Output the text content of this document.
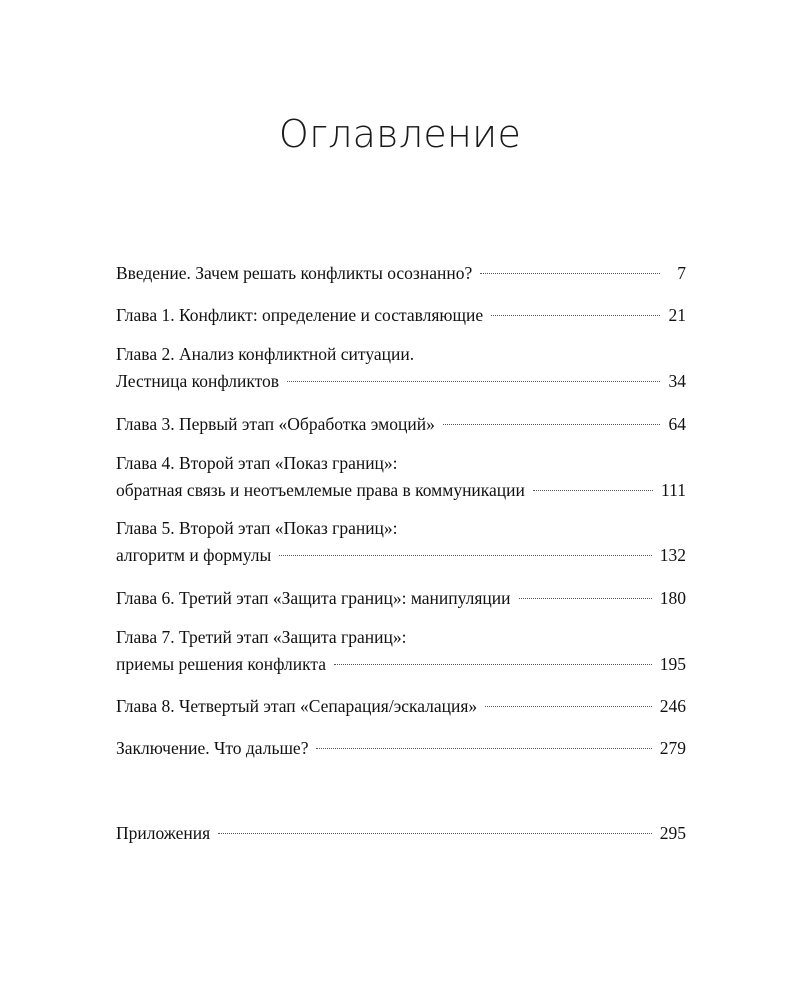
Оглавление
Введение. Зачем решать конфликты осознанно?	7
Глава 1. Конфликт: определение и составляющие	21
Глава 2. Анализ конфликтной ситуации.
Лестница конфликтов	34
Глава 3. Первый этап «Обработка эмоций»	64
Глава 4. Второй этап «Показ границ»:
обратная связь и неотъемлемые права в коммуникации	111
Глава 5. Второй этап «Показ границ»:
алгоритм и формулы	132
Глава 6. Третий этап «Защита границ»: манипуляции	180
Глава 7. Третий этап «Защита границ»:
приемы решения конфликта	195
Глава 8. Четвертый этап «Сепарация/эскалация»	246
Заключение. Что дальше?	279
Приложения	295
